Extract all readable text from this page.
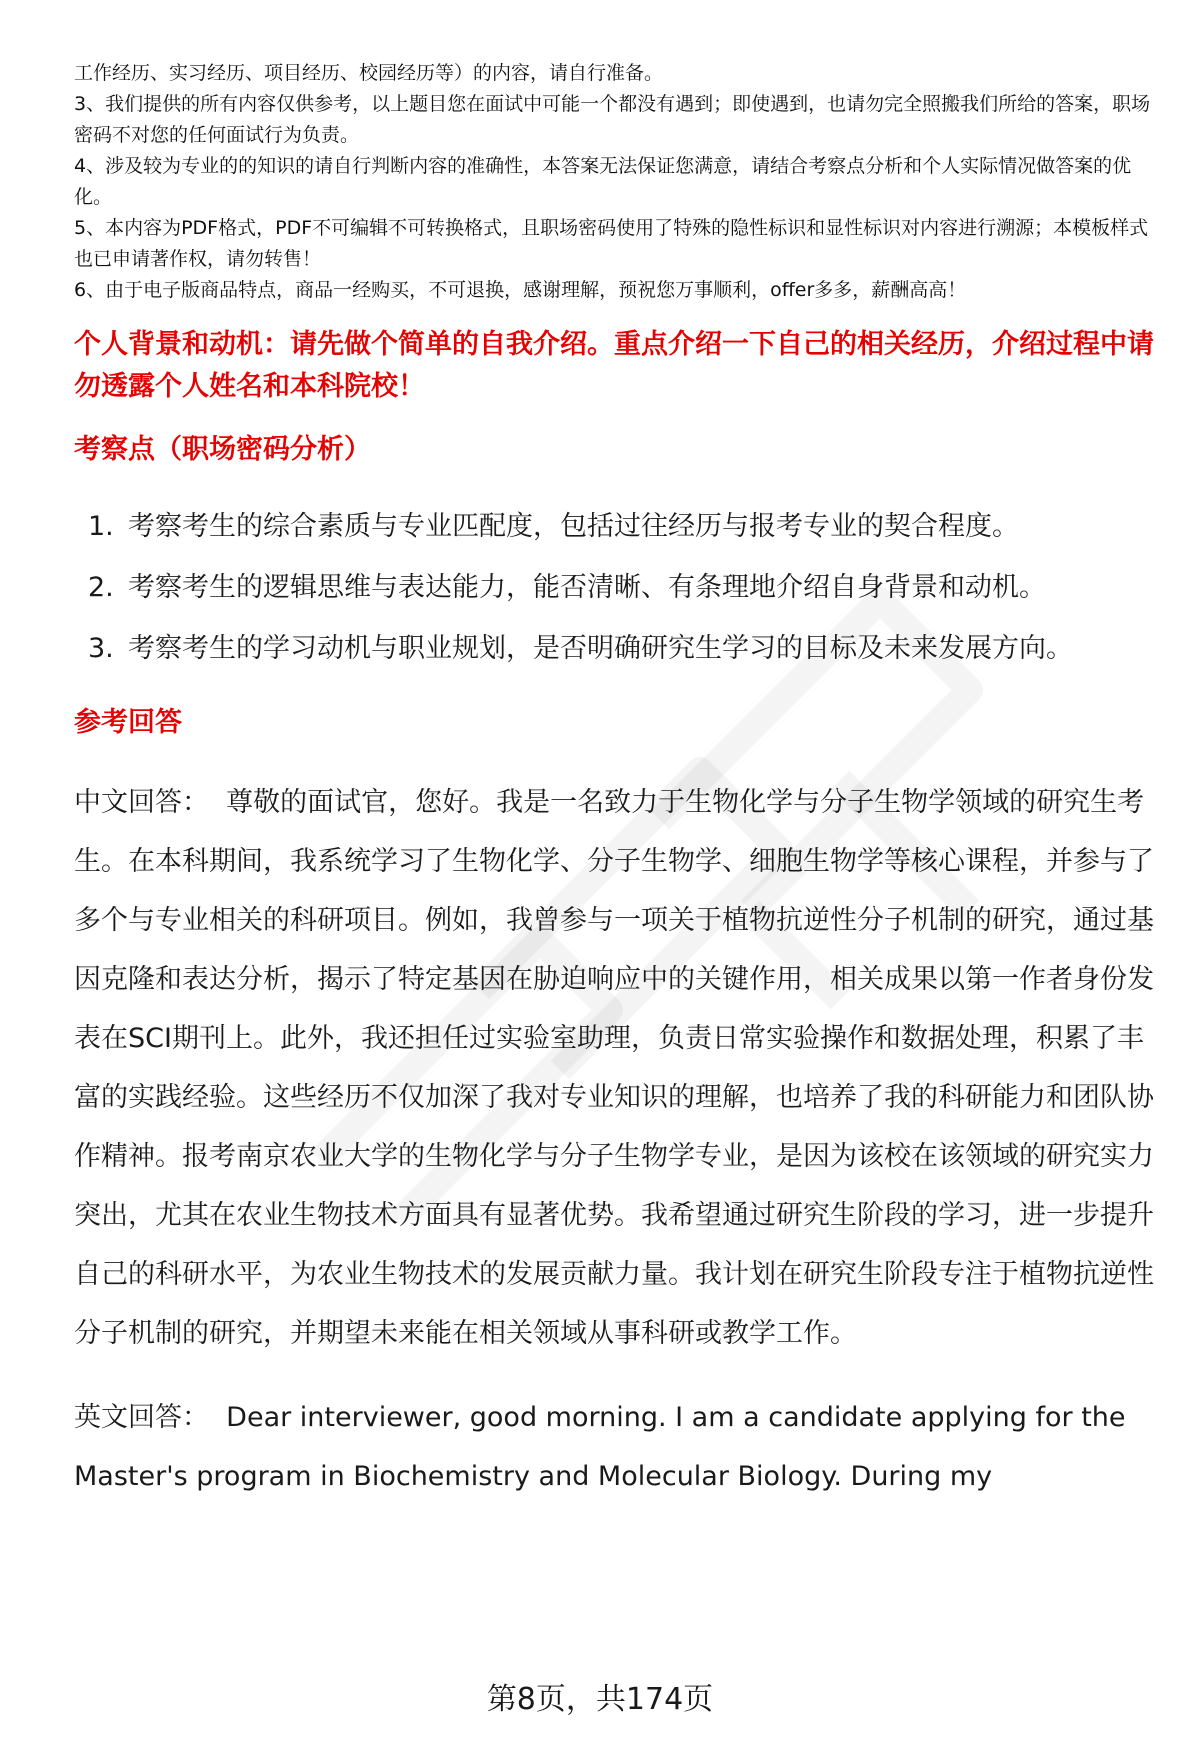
工作经历、实习经历、项目经历、校园经历等）的内容，请自行准备。

3、我们提供的所有内容仅供参考，以上题目您在面试中可能一个都没有遇到；即使遇到，也请勿完全照搬我们所给的答案，职场密码不对您的任何面试行为负责。

4、涉及较为专业的的知识的请自行判断内容的准确性，本答案无法保证您满意，请结合考察点分析和个人实际情况做答案的优化。

5、本内容为PDF格式，PDF不可编辑不可转换格式，且职场密码使用了特殊的隐性标识和显性标识对内容进行溯源；本模板样式也已申请著作权，请勿转售！

6、由于电子版商品特点，商品一经购买，不可退换，感谢理解，预祝您万事顺利，offer多多，薪酬高高！

个人背景和动机：请先做个简单的自我介绍。重点介绍一下自己的相关经历，介绍过程中请勿透露个人姓名和本科院校！
考察点（职场密码分析）
1. 考察考生的综合素质与专业匹配度，包括过往经历与报考专业的契合程度。
2. 考察考生的逻辑思维与表达能力，能否清晰、有条理地介绍自身背景和动机。
3. 考察考生的学习动机与职业规划，是否明确研究生学习的目标及未来发展方向。
参考回答

中文回答： 尊敬的面试官，您好。我是一名致力于生物化学与分子生物学领域的研究生考生。在本科期间，我系统学习了生物化学、分子生物学、细胞生物学等核心课程，并参与了多个与专业相关的科研项目。例如，我曾参与一项关于植物抗逆性分子机制的研究，通过基因克隆和表达分析，揭示了特定基因在胁迫响应中的关键作用，相关成果以第一作者身份发表在SCI期刊上。此外，我还担任过实验室助理，负责日常实验操作和数据处理，积累了丰富的实践经验。这些经历不仅加深了我对专业知识的理解，也培养了我的科研能力和团队协作精神。报考南京农业大学的生物化学与分子生物学专业，是因为该校在该领域的研究实力突出，尤其在农业生物技术方面具有显著优势。我希望通过研究生阶段的学习，进一步提升自己的科研水平，为农业生物技术的发展贡献力量。我计划在研究生阶段专注于植物抗逆性分子机制的研究，并期望未来能在相关领域从事科研或教学工作。

英文回答： Dear interviewer, good morning. I am a candidate applying for the Master's program in Biochemistry and Molecular Biology. During my

第8页，共174页
